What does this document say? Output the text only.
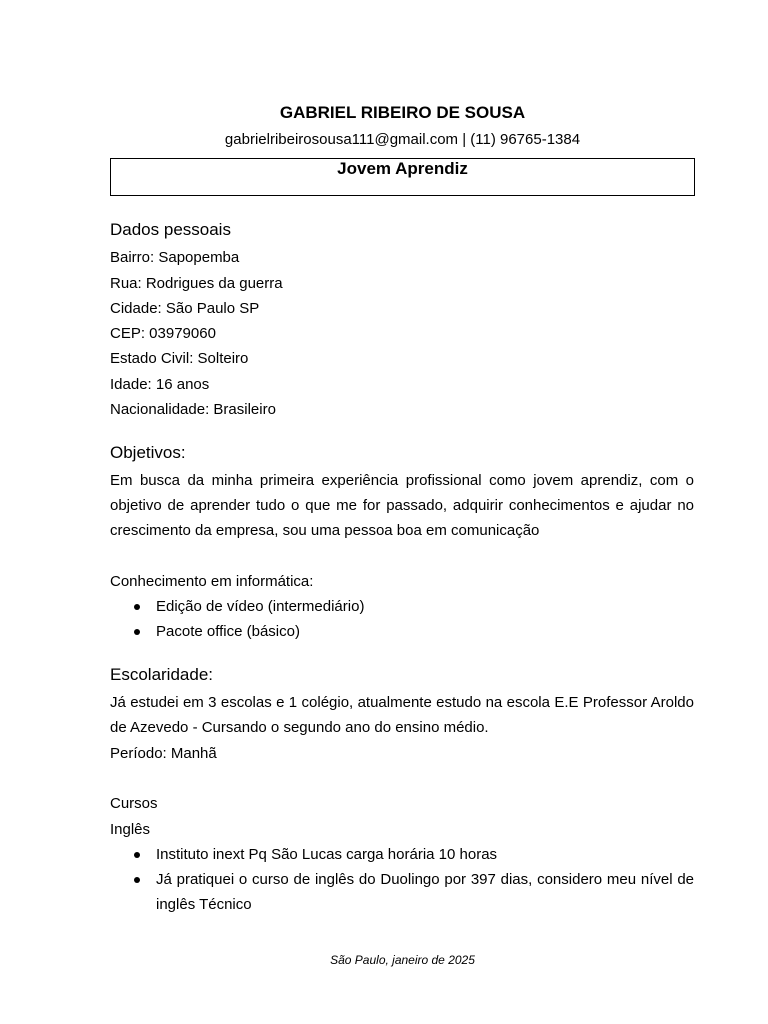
GABRIEL RIBEIRO DE SOUSA
gabrielribeirosousa111@gmail.com | (11) 96765-1384
Jovem Aprendiz
Dados pessoais
Bairro: Sapopemba
Rua: Rodrigues da guerra
Cidade: São Paulo SP
CEP: 03979060
Estado Civil: Solteiro
Idade: 16 anos
Nacionalidade: Brasileiro
Objetivos:
Em busca da minha primeira experiência profissional como jovem aprendiz, com o objetivo de aprender tudo o que me for passado, adquirir conhecimentos e ajudar no crescimento da empresa, sou uma pessoa boa em comunicação
Conhecimento em informática:
Edição de vídeo (intermediário)
Pacote office (básico)
Escolaridade:
Já estudei em 3 escolas e 1 colégio, atualmente estudo na escola E.E Professor Aroldo de Azevedo - Cursando o segundo ano do ensino médio.
Período: Manhã
Cursos
Inglês
Instituto inext Pq São Lucas carga horária 10 horas
Já pratiquei o curso de inglês do Duolingo por 397 dias, considero meu nível de inglês Técnico
São Paulo, janeiro de 2025
